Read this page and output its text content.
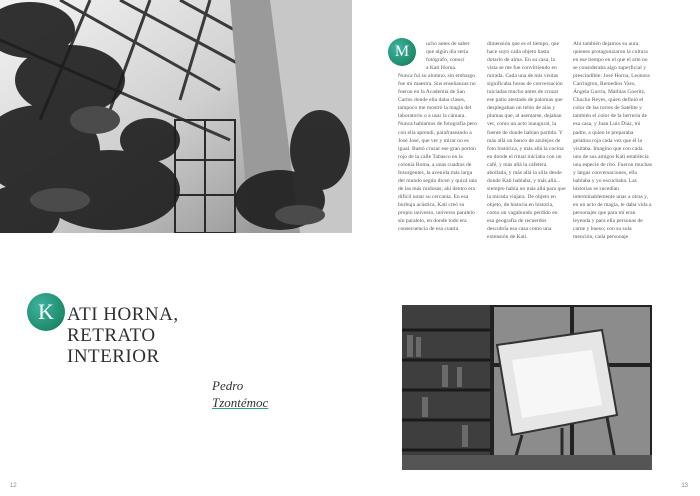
K ATI HORNA,
RETRATO
INTERIOR
Pedro
Tzontémoc
12
M	ucho antes de saber

que algún día sería

fotógrafo, conocí

a Kati Horna.

Nunca fui su alumno, sin embargo fue mi maestra. Sus enseñanzas no fueron en la Academia de San Carlos donde ella daba clases, tampoco me mostró la magia del laboratorio o a usar la cámara. Nunca hablamos de fotografía pero con ella aprendí, parafraseando a José José, que ver y mirar no es igual. Bastó cruzar ese gran portón rojo de la calle Tabasco en la colonia Roma, a unas cuadras de Insurgentes, la avenida más larga del mundo según dicen y quizá una de las más ruidosas; ahí dentro era difícil notar su cercanía. En esa burbuja acústica, Kati creó su propio universo, universo paralelo sin paralelo, en donde todo era consecuencia de esa cuarta

dimensión que es el tiempo, que hace suyo cada objeto hasta dotarlo de alma. En su casa, la vista se me fue convirtiendo en mirada. Cada una de mis visitas significaba horas de conversación iniciadas mucho antes de cruzar ese patio atestado de palomas que desplegaban un telón de alas y plumas que, al asentarse, dejaban ver, como un acto inaugural, la fuente de donde habían partido. Y más allá un banco de azulejos de foto histórica, y más allá la cocina en donde el ritual iniciaba con un café, y más allá la cafetera abollada, y más allá la silla desde donde Kati hablaba, y más allá... siempre había un más allá para que la mirada viajara. De objeto en objeto, de historia en historia, como un vagabundo perdido en esa geografía de recuerdos descubría esa casa como una extensión de Kati.

Ahí también dejamos su aura quienes protagonizaron la cultura en ese tiempo en el que el arte no se consideraba algo superficial y prescindible: José Horna, Leonora Carrington, Remedios Varo, Ángela Gurría, Mathias Goeritz, Chucho Reyes, quien definió el color de las torres de Satélite y también el color de la herrería de esa casa, y Juan Luis Díaz, mi padre, a quien le preparaba gelatina roja cada vez que él la visitaba. Imagino que con cada uno de sus amigos Kati establecía una especie de rito. Fueron muchas y largas conversaciones, ella hablaba y yo escuchaba. Las historias se sucedían interminablemente unas a otras y, en un acto de magia, le daba vida a personajes que para mí eran leyenda y para ella personas de carne y hueso; con su sola mención, cada personaje

13
